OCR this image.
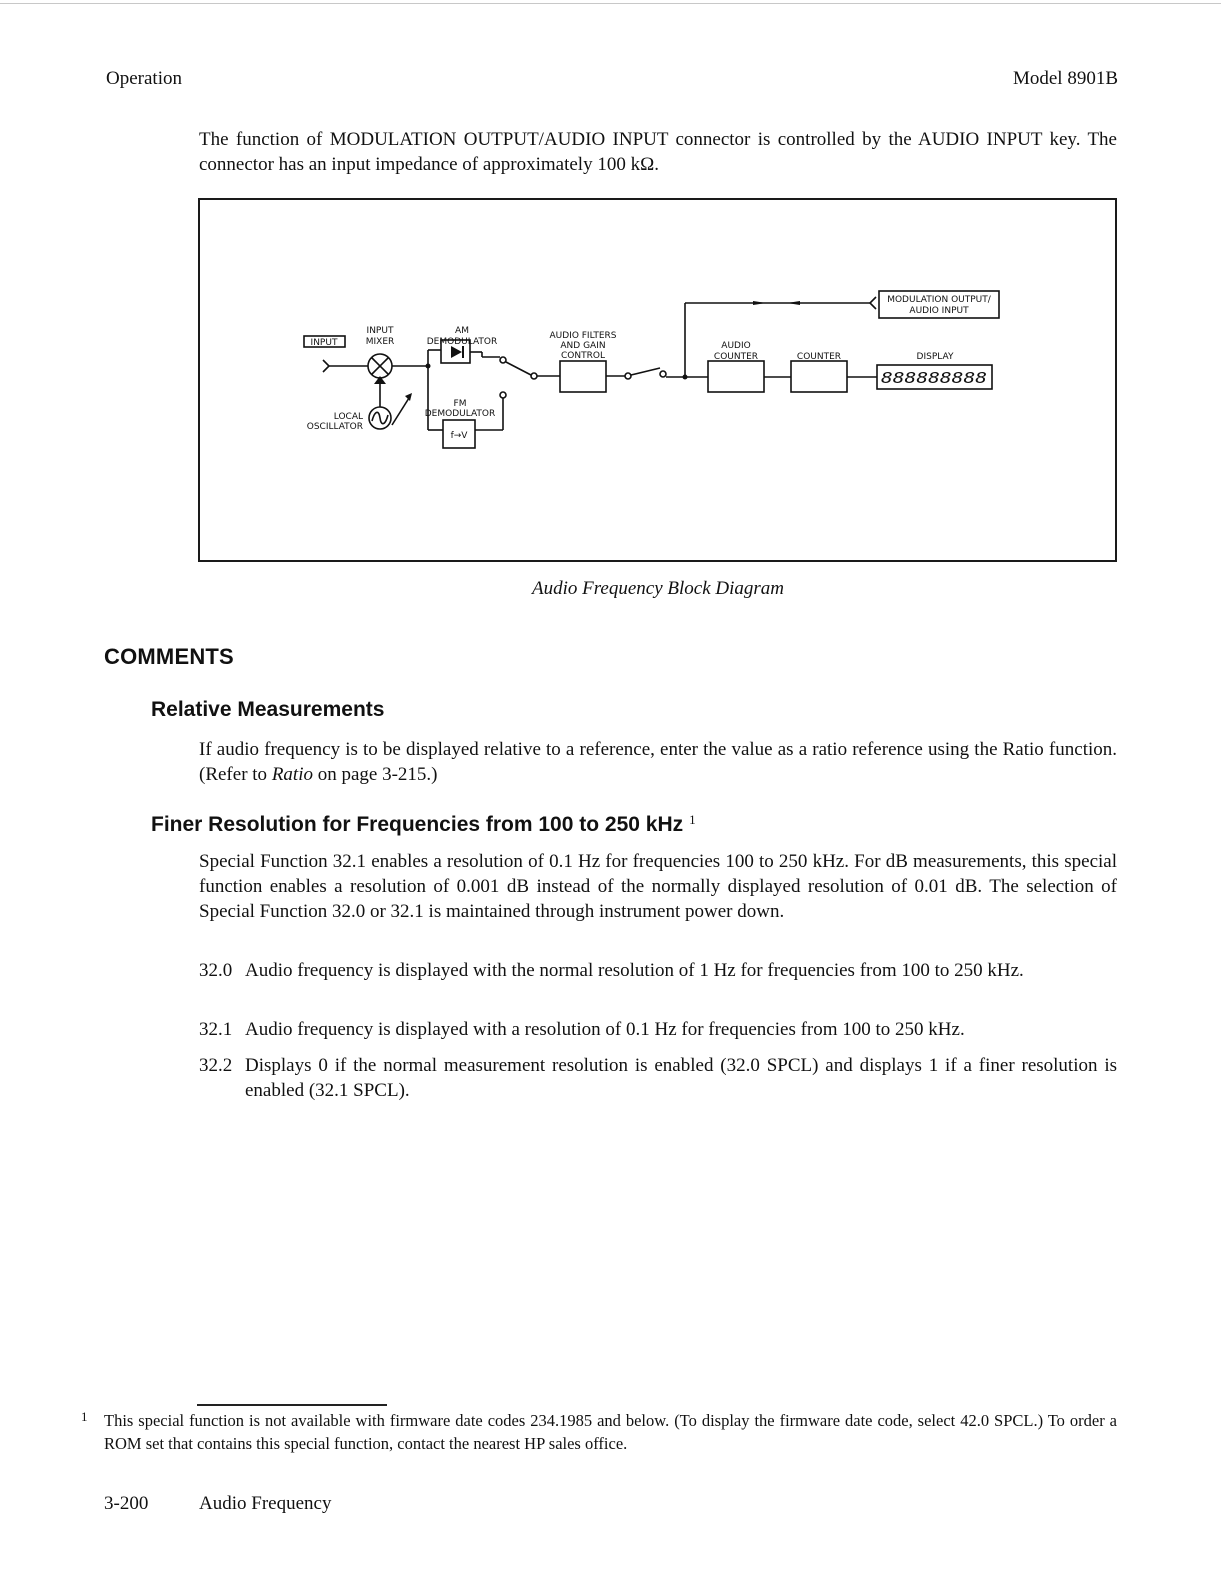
Operation	Model 8901B
The function of MODULATION OUTPUT/AUDIO INPUT connector is controlled by the AUDIO INPUT key. The connector has an input impedance of approximately 100 kΩ.
INPUT
INPUT
MIXER
AM
DEMODULATOR
FM
DEMODULATOR
f→V
LOCAL
OSCILLATOR
AUDIO FILTERS
AND GAIN
CONTROL
AUDIO
COUNTER	COUNTER	DISPLAY
888888888
MODULATION OUTPUT/
AUDIO INPUT
Audio Frequency Block Diagram
COMMENTS
Relative Measurements
If audio frequency is to be displayed relative to a reference, enter the value as a ratio reference using the Ratio function. (Refer to Ratio on page 3-215.)
Finer Resolution for Frequencies from 100 to 250 kHz $^1$
Special Function 32.1 enables a resolution of 0.1 Hz for frequencies 100 to 250 kHz. For dB measurements, this special function enables a resolution of 0.001 dB instead of the normally displayed resolution of 0.01 dB. The selection of Special Function 32.0 or 32.1 is maintained through instrument power down.
32.0 Audio frequency is displayed with the normal resolution of 1 Hz for frequencies from 100 to 250 kHz.
32.1 Audio frequency is displayed with a resolution of 0.1 Hz for frequencies from 100 to 250 kHz.
32.2 Displays 0 if the normal measurement resolution is enabled (32.0 SPCL) and displays 1 if a finer resolution is enabled (32.1 SPCL).
1 This special function is not available with firmware date codes 234.1985 and below. (To display the firmware date code, select 42.0 SPCL.) To order a ROM set that contains this special function, contact the nearest HP sales office.
3-200	Audio Frequency
